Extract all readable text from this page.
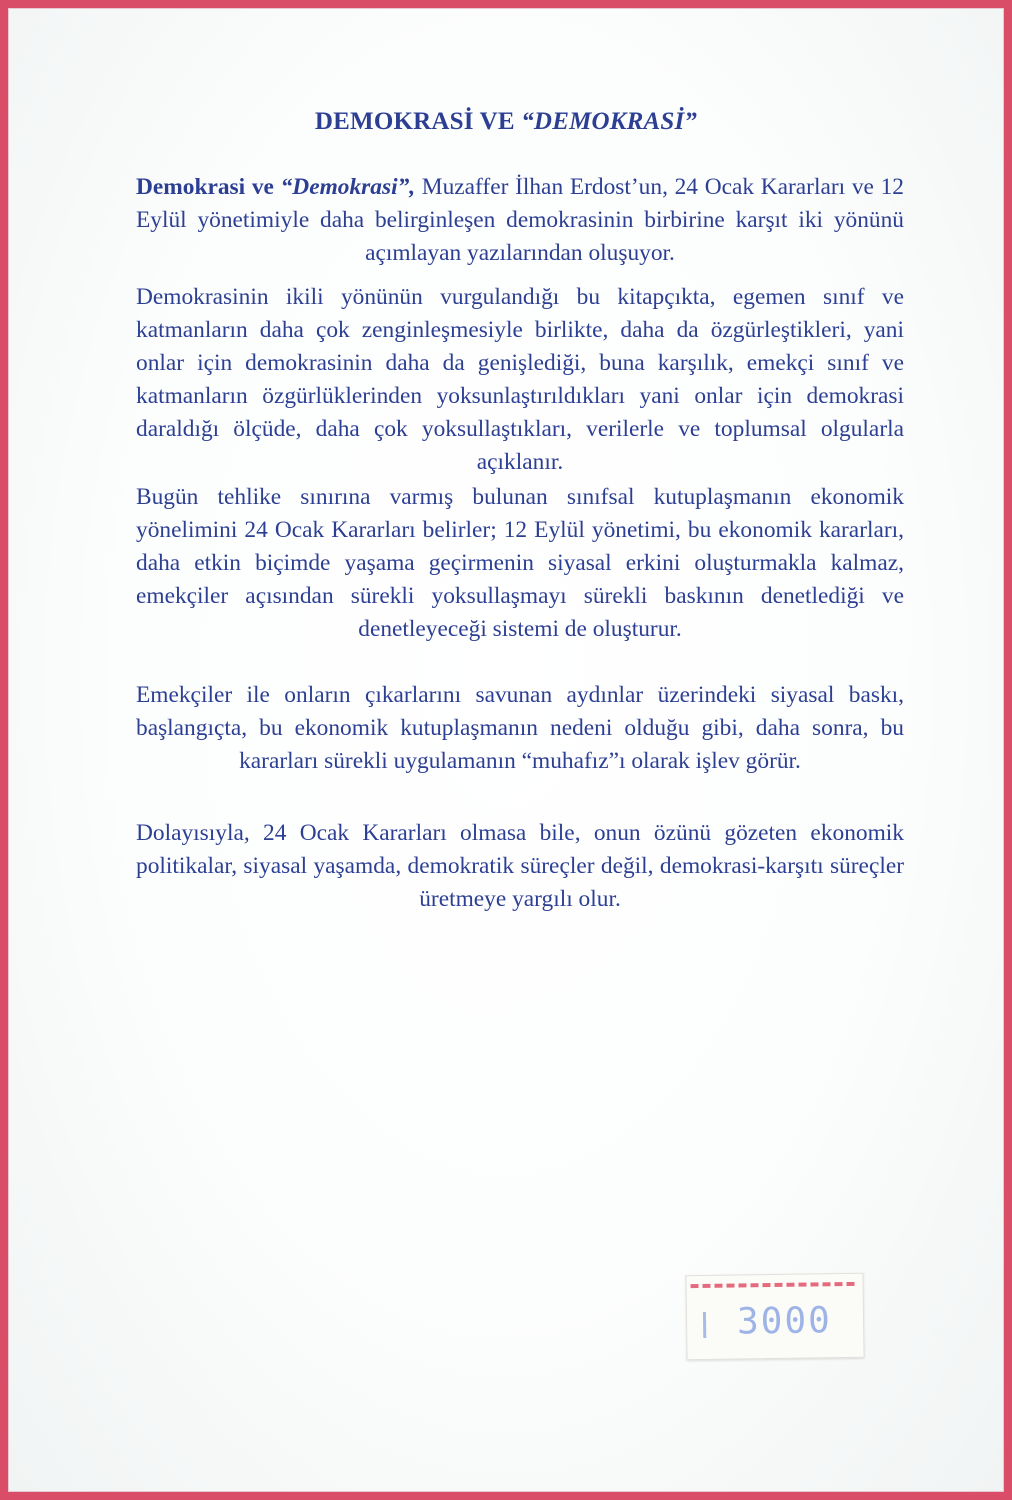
DEMOKRASİ VE “DEMOKRASİ”

Demokrasi ve “Demokrasi”, Muzaffer İlhan Erdost’un, 24 Ocak Kararları ve 12 Eylül yönetimiyle daha belirginleşen demokrasinin birbirine karşıt iki yönünü açımlayan yazılarından oluşuyor.

Demokrasinin ikili yönünün vurgulandığı bu kitapçıkta, egemen sınıf ve katmanların daha çok zenginleşmesiyle birlikte, daha da özgürleştikleri, yani onlar için demokrasinin daha da genişlediği, buna karşılık, emekçi sınıf ve katmanların özgürlüklerinden yoksunlaştırıldıkları yani onlar için demokrasi daraldığı ölçüde, daha çok yoksullaştıkları, verilerle ve toplumsal olgularla açıklanır.

Bugün tehlike sınırına varmış bulunan sınıfsal kutuplaşmanın ekonomik yönelimini 24 Ocak Kararları belirler; 12 Eylül yönetimi, bu ekonomik kararları, daha etkin biçimde yaşama geçirmenin siyasal erkini oluşturmakla kalmaz, emekçiler açısından sürekli yoksullaşmayı sürekli baskının denetlediği ve denetleyeceği sistemi de oluşturur.

Emekçiler ile onların çıkarlarını savunan aydınlar üzerindeki siyasal baskı, başlangıçta, bu ekonomik kutuplaşmanın nedeni olduğu gibi, daha sonra, bu kararları sürekli uygulamanın “muhafız”ı olarak işlev görür.

Dolayısıyla, 24 Ocak Kararları olmasa bile, onun özünü gözeten ekonomik politikalar, siyasal yaşamda, demokratik süreçler değil, demokrasi-karşıtı süreçler üretmeye yargılı olur.

3000
